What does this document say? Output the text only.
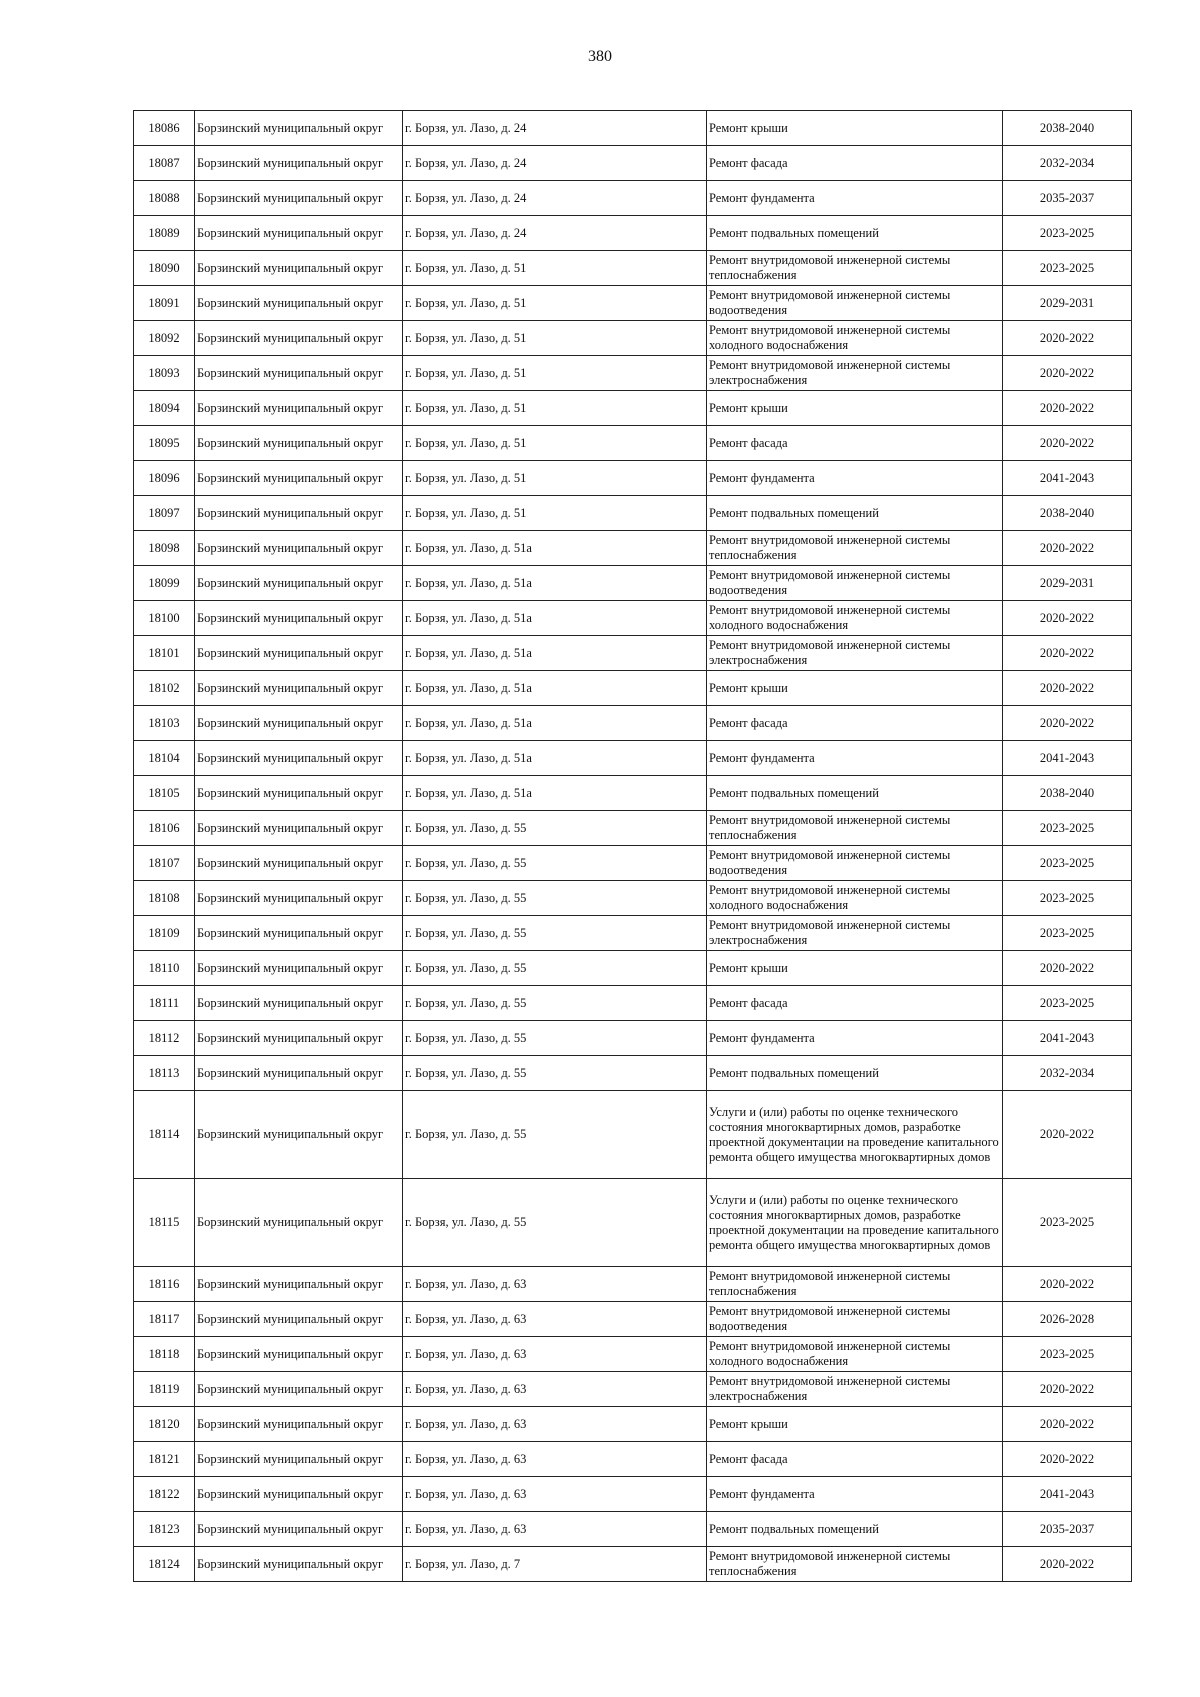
380
18086	Борзинский муниципальный округ	г. Борзя, ул. Лазо, д. 24	Ремонт крыши	2038-2040
18087	Борзинский муниципальный округ	г. Борзя, ул. Лазо, д. 24	Ремонт фасада	2032-2034
18088	Борзинский муниципальный округ	г. Борзя, ул. Лазо, д. 24	Ремонт фундамента	2035-2037
18089	Борзинский муниципальный округ	г. Борзя, ул. Лазо, д. 24	Ремонт подвальных помещений	2023-2025
18090	Борзинский муниципальный округ	г. Борзя, ул. Лазо, д. 51	Ремонт внутридомовой инженерной системы теплоснабжения	2023-2025
18091	Борзинский муниципальный округ	г. Борзя, ул. Лазо, д. 51	Ремонт внутридомовой инженерной системы водоотведения	2029-2031
18092	Борзинский муниципальный округ	г. Борзя, ул. Лазо, д. 51	Ремонт внутридомовой инженерной системы холодного водоснабжения	2020-2022
18093	Борзинский муниципальный округ	г. Борзя, ул. Лазо, д. 51	Ремонт внутридомовой инженерной системы электроснабжения	2020-2022
18094	Борзинский муниципальный округ	г. Борзя, ул. Лазо, д. 51	Ремонт крыши	2020-2022
18095	Борзинский муниципальный округ	г. Борзя, ул. Лазо, д. 51	Ремонт фасада	2020-2022
18096	Борзинский муниципальный округ	г. Борзя, ул. Лазо, д. 51	Ремонт фундамента	2041-2043
18097	Борзинский муниципальный округ	г. Борзя, ул. Лазо, д. 51	Ремонт подвальных помещений	2038-2040
18098	Борзинский муниципальный округ	г. Борзя, ул. Лазо, д. 51а	Ремонт внутридомовой инженерной системы теплоснабжения	2020-2022
18099	Борзинский муниципальный округ	г. Борзя, ул. Лазо, д. 51а	Ремонт внутридомовой инженерной системы водоотведения	2029-2031
18100	Борзинский муниципальный округ	г. Борзя, ул. Лазо, д. 51а	Ремонт внутридомовой инженерной системы холодного водоснабжения	2020-2022
18101	Борзинский муниципальный округ	г. Борзя, ул. Лазо, д. 51а	Ремонт внутридомовой инженерной системы электроснабжения	2020-2022
18102	Борзинский муниципальный округ	г. Борзя, ул. Лазо, д. 51а	Ремонт крыши	2020-2022
18103	Борзинский муниципальный округ	г. Борзя, ул. Лазо, д. 51а	Ремонт фасада	2020-2022
18104	Борзинский муниципальный округ	г. Борзя, ул. Лазо, д. 51а	Ремонт фундамента	2041-2043
18105	Борзинский муниципальный округ	г. Борзя, ул. Лазо, д. 51а	Ремонт подвальных помещений	2038-2040
18106	Борзинский муниципальный округ	г. Борзя, ул. Лазо, д. 55	Ремонт внутридомовой инженерной системы теплоснабжения	2023-2025
18107	Борзинский муниципальный округ	г. Борзя, ул. Лазо, д. 55	Ремонт внутридомовой инженерной системы водоотведения	2023-2025
18108	Борзинский муниципальный округ	г. Борзя, ул. Лазо, д. 55	Ремонт внутридомовой инженерной системы холодного водоснабжения	2023-2025
18109	Борзинский муниципальный округ	г. Борзя, ул. Лазо, д. 55	Ремонт внутридомовой инженерной системы электроснабжения	2023-2025
18110	Борзинский муниципальный округ	г. Борзя, ул. Лазо, д. 55	Ремонт крыши	2020-2022
18111	Борзинский муниципальный округ	г. Борзя, ул. Лазо, д. 55	Ремонт фасада	2023-2025
18112	Борзинский муниципальный округ	г. Борзя, ул. Лазо, д. 55	Ремонт фундамента	2041-2043
18113	Борзинский муниципальный округ	г. Борзя, ул. Лазо, д. 55	Ремонт подвальных помещений	2032-2034
18114	Борзинский муниципальный округ	г. Борзя, ул. Лазо, д. 55	Услуги и (или) работы по оценке технического состояния многоквартирных домов, разработке проектной документации на проведение капитального ремонта общего имущества многоквартирных домов	2020-2022
18115	Борзинский муниципальный округ	г. Борзя, ул. Лазо, д. 55	Услуги и (или) работы по оценке технического состояния многоквартирных домов, разработке проектной документации на проведение капитального ремонта общего имущества многоквартирных домов	2023-2025
18116	Борзинский муниципальный округ	г. Борзя, ул. Лазо, д. 63	Ремонт внутридомовой инженерной системы теплоснабжения	2020-2022
18117	Борзинский муниципальный округ	г. Борзя, ул. Лазо, д. 63	Ремонт внутридомовой инженерной системы водоотведения	2026-2028
18118	Борзинский муниципальный округ	г. Борзя, ул. Лазо, д. 63	Ремонт внутридомовой инженерной системы холодного водоснабжения	2023-2025
18119	Борзинский муниципальный округ	г. Борзя, ул. Лазо, д. 63	Ремонт внутридомовой инженерной системы электроснабжения	2020-2022
18120	Борзинский муниципальный округ	г. Борзя, ул. Лазо, д. 63	Ремонт крыши	2020-2022
18121	Борзинский муниципальный округ	г. Борзя, ул. Лазо, д. 63	Ремонт фасада	2020-2022
18122	Борзинский муниципальный округ	г. Борзя, ул. Лазо, д. 63	Ремонт фундамента	2041-2043
18123	Борзинский муниципальный округ	г. Борзя, ул. Лазо, д. 63	Ремонт подвальных помещений	2035-2037
18124	Борзинский муниципальный округ	г. Борзя, ул. Лазо, д. 7	Ремонт внутридомовой инженерной системы теплоснабжения	2020-2022
